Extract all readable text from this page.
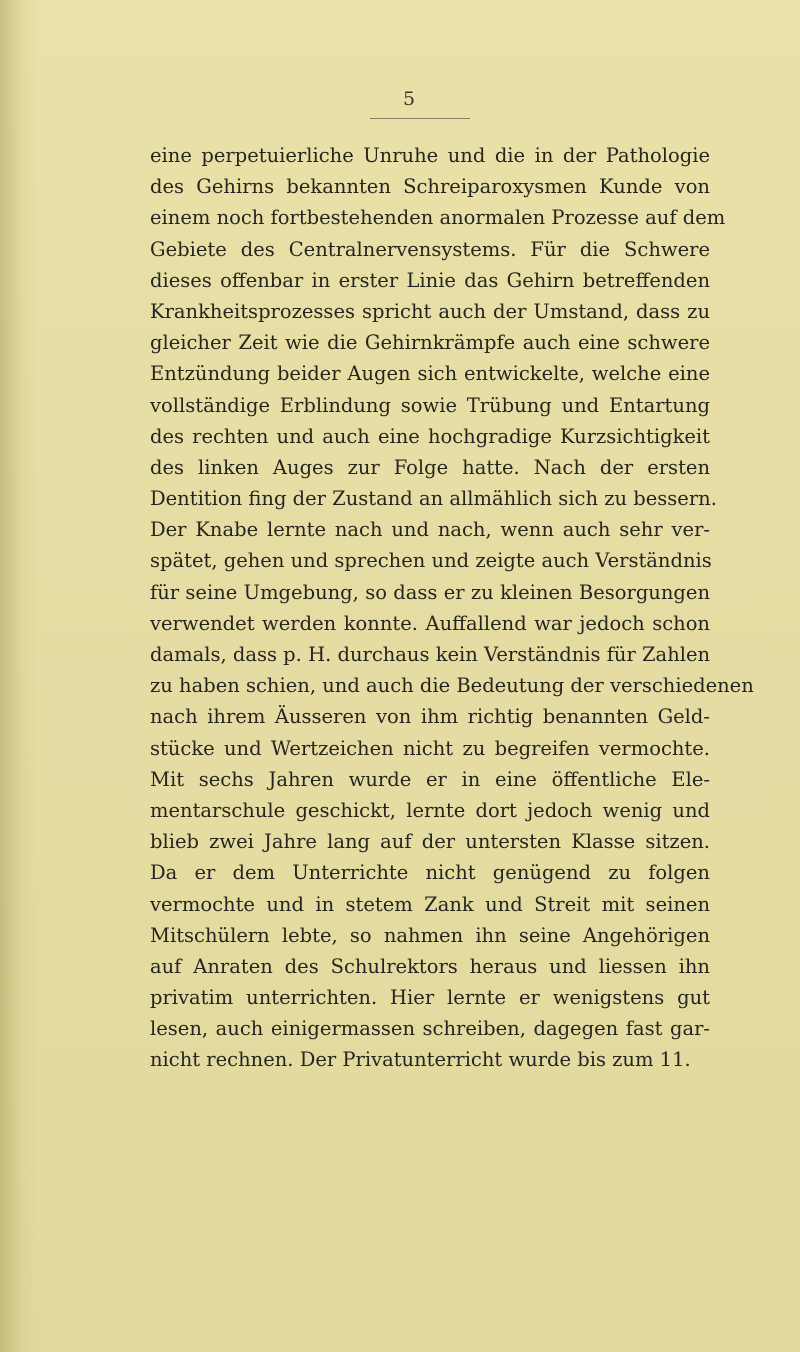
5
eine perpetuierliche Unruhe und die in der Pathologie
des Gehirns bekannten Schreiparoxysmen Kunde von
einem noch fortbestehenden anormalen Prozesse auf dem
Gebiete des Centralnervensystems. Für die Schwere
dieses offenbar in erster Linie das Gehirn betreffenden
Krankheitsprozesses spricht auch der Umstand, dass zu
gleicher Zeit wie die Gehirnkrämpfe auch eine schwere
Entzündung beider Augen sich entwickelte, welche eine
vollständige Erblindung sowie Trübung und Entartung
des rechten und auch eine hochgradige Kurzsichtigkeit
des linken Auges zur Folge hatte. Nach der ersten
Dentition fing der Zustand an allmählich sich zu bessern.
Der Knabe lernte nach und nach, wenn auch sehr ver-
spätet, gehen und sprechen und zeigte auch Verständnis
für seine Umgebung, so dass er zu kleinen Besorgungen
verwendet werden konnte. Auffallend war jedoch schon
damals, dass p. H. durchaus kein Verständnis für Zahlen
zu haben schien, und auch die Bedeutung der verschiedenen
nach ihrem Äusseren von ihm richtig benannten Geld-
stücke und Wertzeichen nicht zu begreifen vermochte.
Mit sechs Jahren wurde er in eine öffentliche Ele-
mentarschule geschickt, lernte dort jedoch wenig und
blieb zwei Jahre lang auf der untersten Klasse sitzen.
Da er dem Unterrichte nicht genügend zu folgen
vermochte und in stetem Zank und Streit mit seinen
Mitschülern lebte, so nahmen ihn seine Angehörigen
auf Anraten des Schulrektors heraus und liessen ihn
privatim unterrichten. Hier lernte er wenigstens gut
lesen, auch einigermassen schreiben, dagegen fast gar-
nicht rechnen. Der Privatunterricht wurde bis zum 11.
